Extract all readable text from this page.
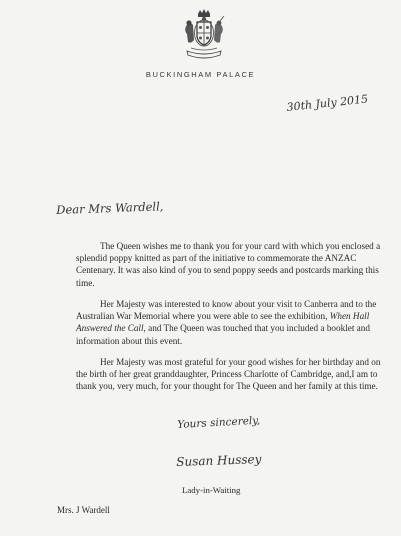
BUCKINGHAM PALACE
30th July 2015
Dear Mrs Wardell,

The Queen wishes me to thank you for your card with which you enclosed a splendid poppy knitted as part of the initiative to commemorate the ANZAC Centenary. It was also kind of you to send poppy seeds and postcards marking this time.

Her Majesty was interested to know about your visit to Canberra and to the Australian War Memorial where you were able to see the exhibition, When Hall Answered the Call, and The Queen was touched that you included a booklet and information about this event.

Her Majesty was most grateful for your good wishes for her birthday and on the birth of her great granddaughter, Princess Charlotte of Cambridge, and,I am to thank you, very much, for your thought for The Queen and her family at this time.

Yours sincerely,
Susan Hussey
Lady-in-Waiting
Mrs. J Wardell
